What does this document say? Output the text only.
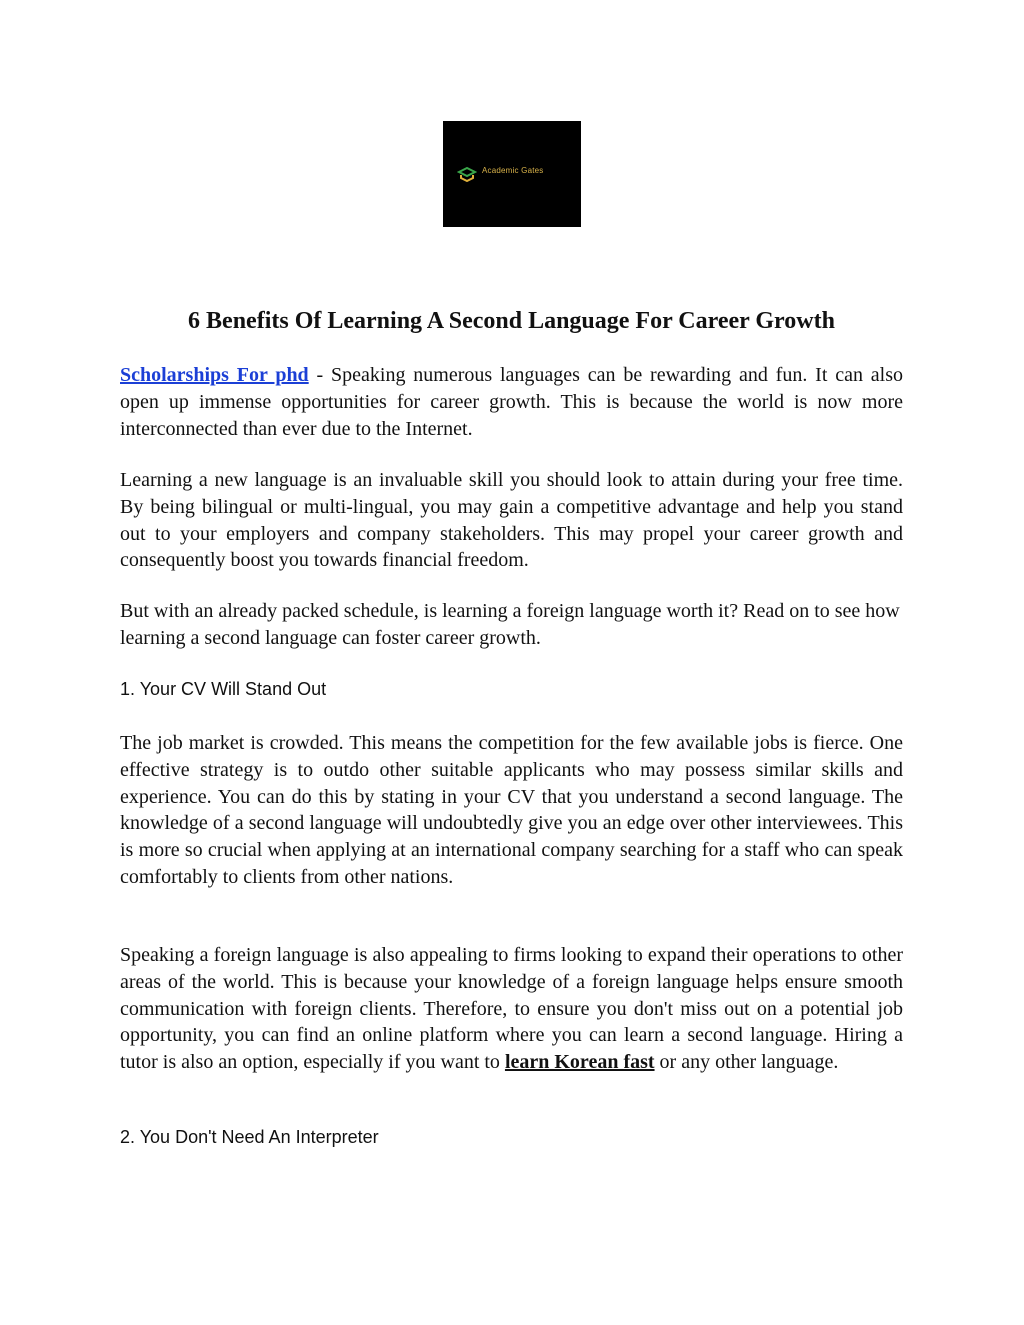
Academic Gates
6 Benefits Of Learning A Second Language For Career Growth

Scholarships For phd - Speaking numerous languages can be rewarding and fun. It can also open up immense opportunities for career growth. This is because the world is now more interconnected than ever due to the Internet.

Learning a new language is an invaluable skill you should look to attain during your free time. By being bilingual or multi-lingual, you may gain a competitive advantage and help you stand out to your employers and company stakeholders. This may propel your career growth and consequently boost you towards financial freedom.

But with an already packed schedule, is learning a foreign language worth it? Read on to see how learning a second language can foster career growth.

1. Your CV Will Stand Out

The job market is crowded. This means the competition for the few available jobs is fierce. One effective strategy is to outdo other suitable applicants who may possess similar skills and experience. You can do this by stating in your CV that you understand a second language. The knowledge of a second language will undoubtedly give you an edge over other interviewees. This is more so crucial when applying at an international company searching for a staff who can speak comfortably to clients from other nations.

Speaking a foreign language is also appealing to firms looking to expand their operations to other areas of the world. This is because your knowledge of a foreign language helps ensure smooth communication with foreign clients. Therefore, to ensure you don't miss out on a potential job opportunity, you can find an online platform where you can learn a second language. Hiring a tutor is also an option, especially if you want to learn Korean fast or any other language.

2. You Don't Need An Interpreter
